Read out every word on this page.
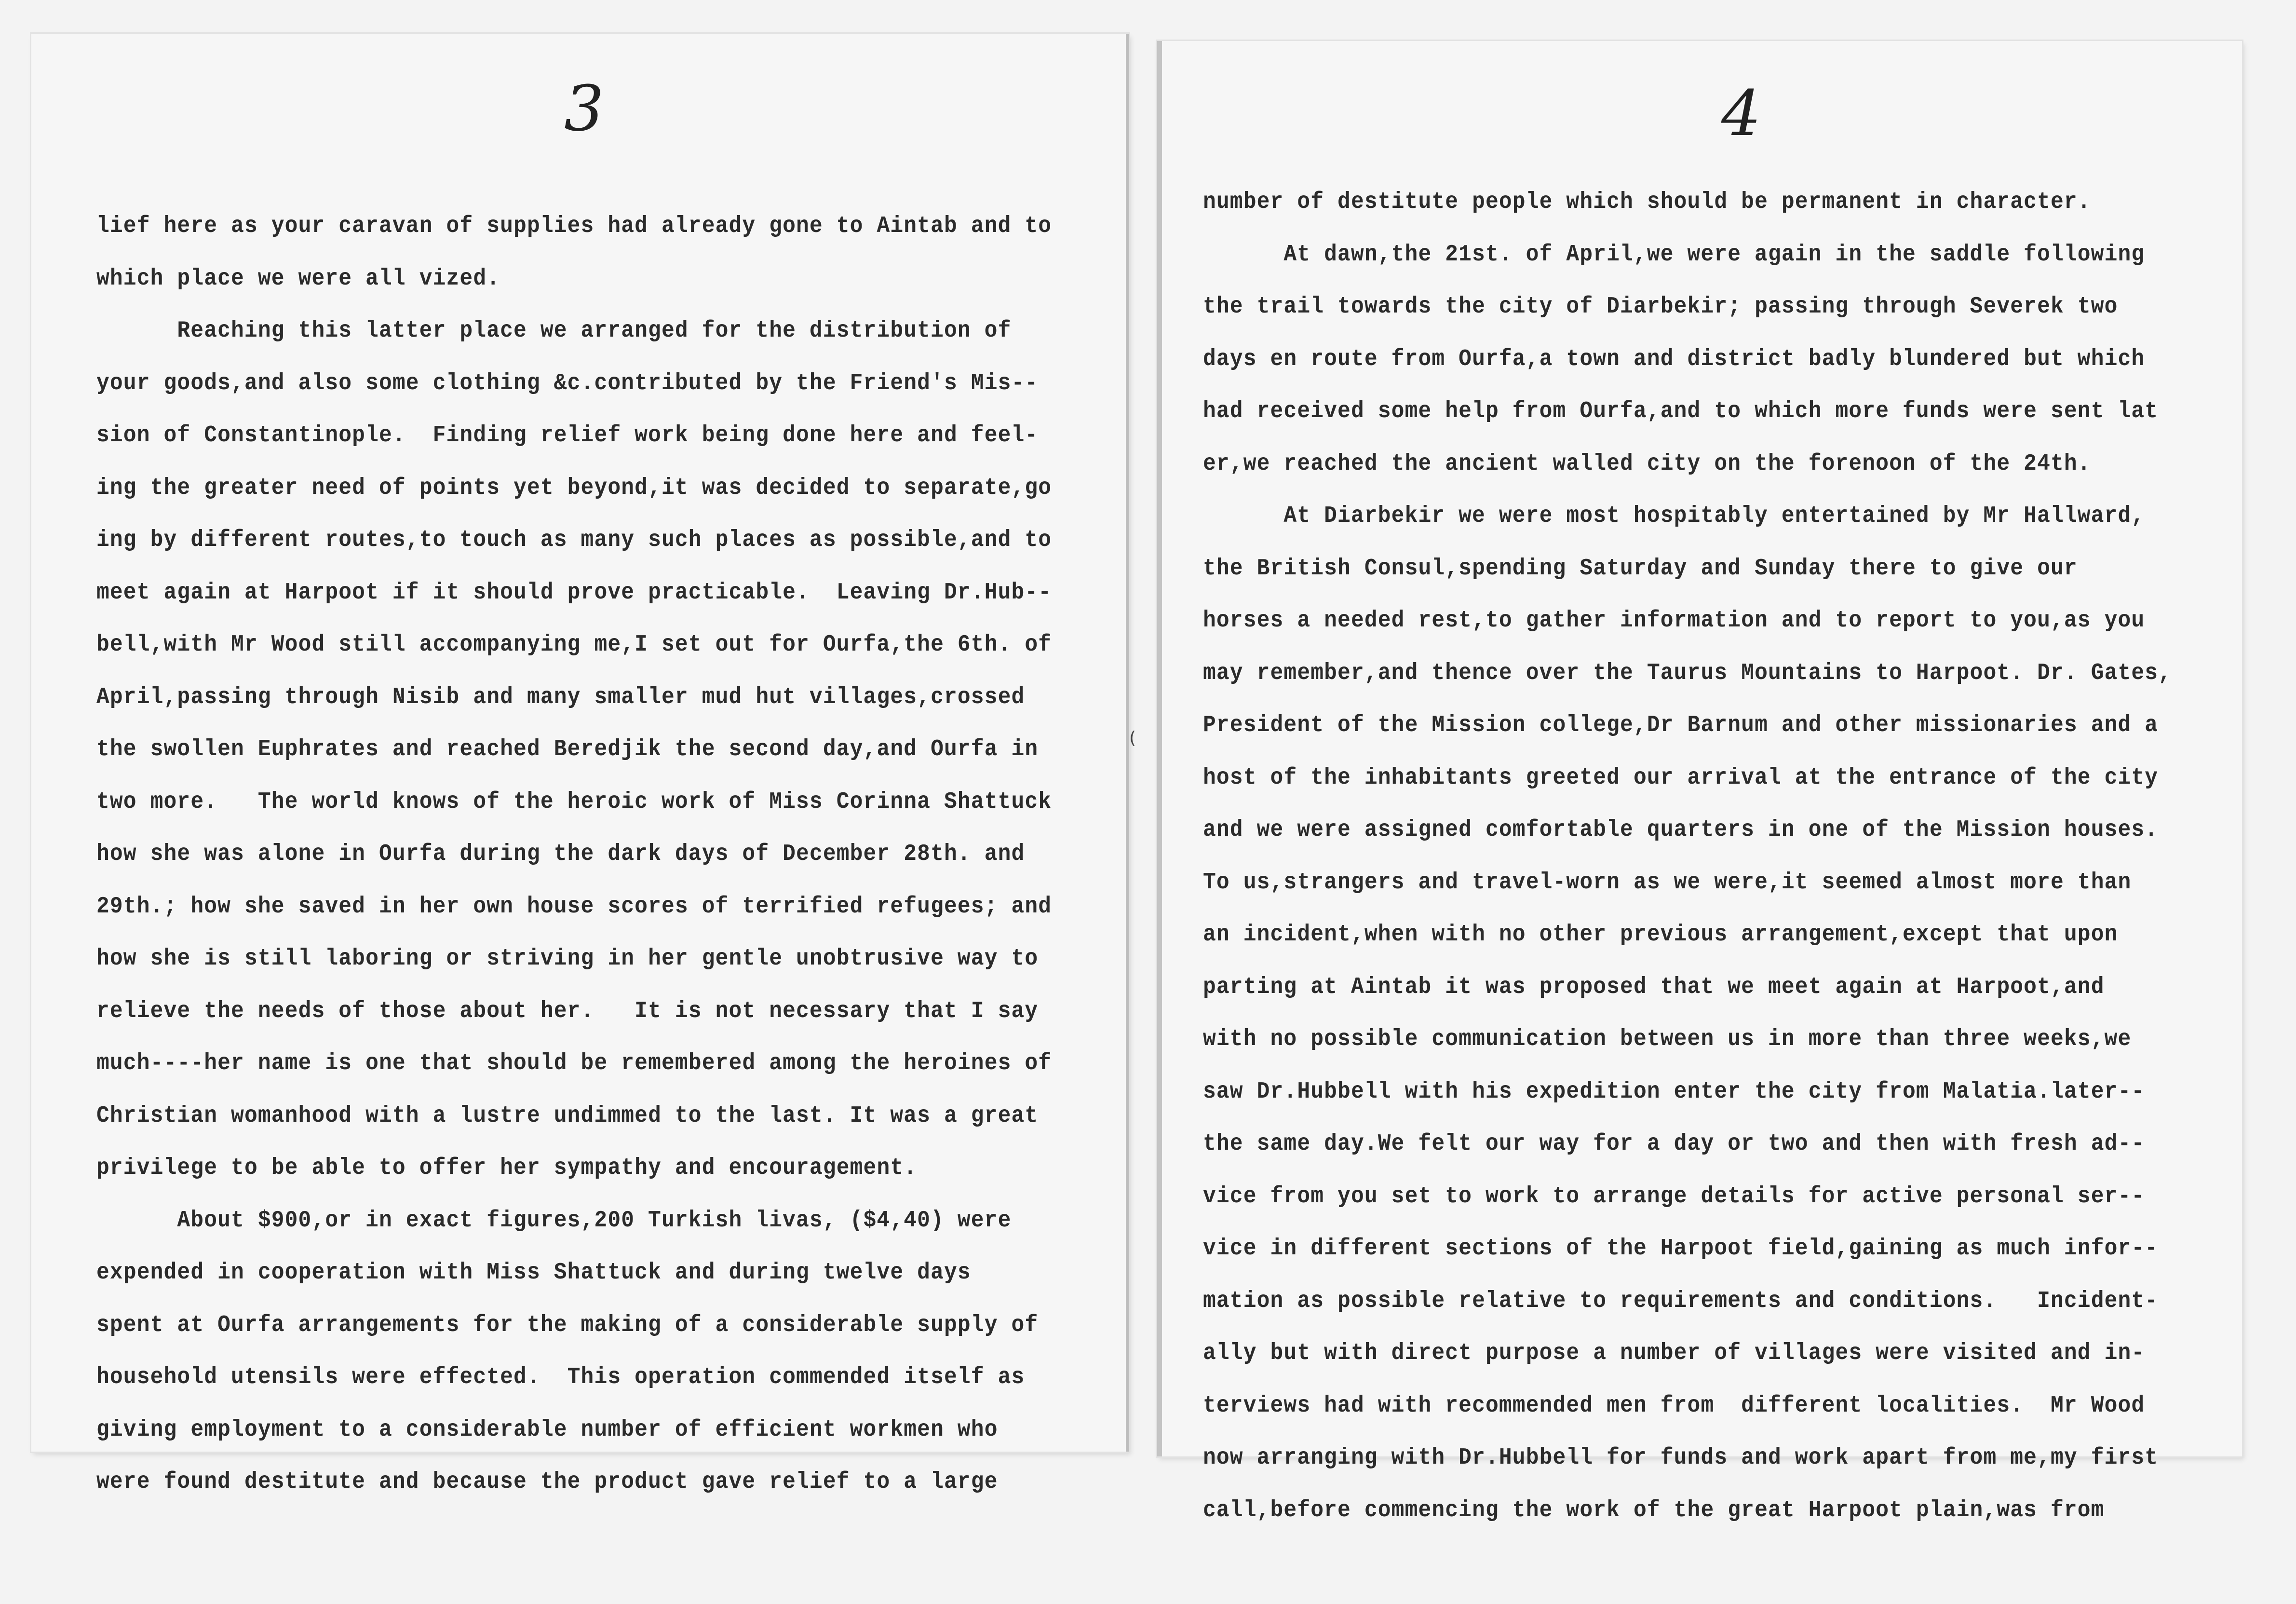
3
lief here as your caravan of supplies had already gone to Aintab and to
which place we were all vized.
Reaching this latter place we arranged for the distribution of
your goods,and also some clothing &c.contributed by the Friend's Mis--
sion of Constantinople.  Finding relief work being done here and feel-
ing the greater need of points yet beyond,it was decided to separate,go
ing by different routes,to touch as many such places as possible,and to
meet again at Harpoot if it should prove practicable.  Leaving Dr.Hub--
bell,with Mr Wood still accompanying me,I set out for Ourfa,the 6th. of
April,passing through Nisib and many smaller mud hut villages,crossed
the swollen Euphrates and reached Beredjik the second day,and Ourfa in
two more.   The world knows of the heroic work of Miss Corinna Shattuck
how she was alone in Ourfa during the dark days of December 28th. and
29th.; how she saved in her own house scores of terrified refugees; and
how she is still laboring or striving in her gentle unobtrusive way to
relieve the needs of those about her.   It is not necessary that I say
much----her name is one that should be remembered among the heroines of
Christian womanhood with a lustre undimmed to the last. It was a great
privilege to be able to offer her sympathy and encouragement.
About $900,or in exact figures,200 Turkish livas, ($4,40) were
expended in cooperation with Miss Shattuck and during twelve days
spent at Ourfa arrangements for the making of a considerable supply of
household utensils were effected.  This operation commended itself as
giving employment to a considerable number of efficient workmen who
were found destitute and because the product gave relief to a large
(
4
number of destitute people which should be permanent in character.
At dawn,the 21st. of April,we were again in the saddle following
the trail towards the city of Diarbekir; passing through Severek two
days en route from Ourfa,a town and district badly blundered but which
had received some help from Ourfa,and to which more funds were sent lat
er,we reached the ancient walled city on the forenoon of the 24th.
At Diarbekir we were most hospitably entertained by Mr Hallward,
the British Consul,spending Saturday and Sunday there to give our
horses a needed rest,to gather information and to report to you,as you
may remember,and thence over the Taurus Mountains to Harpoot. Dr. Gates,
President of the Mission college,Dr Barnum and other missionaries and a
host of the inhabitants greeted our arrival at the entrance of the city
and we were assigned comfortable quarters in one of the Mission houses.
To us,strangers and travel-worn as we were,it seemed almost more than
an incident,when with no other previous arrangement,except that upon
parting at Aintab it was proposed that we meet again at Harpoot,and
with no possible communication between us in more than three weeks,we
saw Dr.Hubbell with his expedition enter the city from Malatia.later--
the same day.We felt our way for a day or two and then with fresh ad--
vice from you set to work to arrange details for active personal ser--
vice in different sections of the Harpoot field,gaining as much infor--
mation as possible relative to requirements and conditions.   Incident-
ally but with direct purpose a number of villages were visited and in-
terviews had with recommended men from  different localities.  Mr Wood
now arranging with Dr.Hubbell for funds and work apart from me,my first
call,before commencing the work of the great Harpoot plain,was from
